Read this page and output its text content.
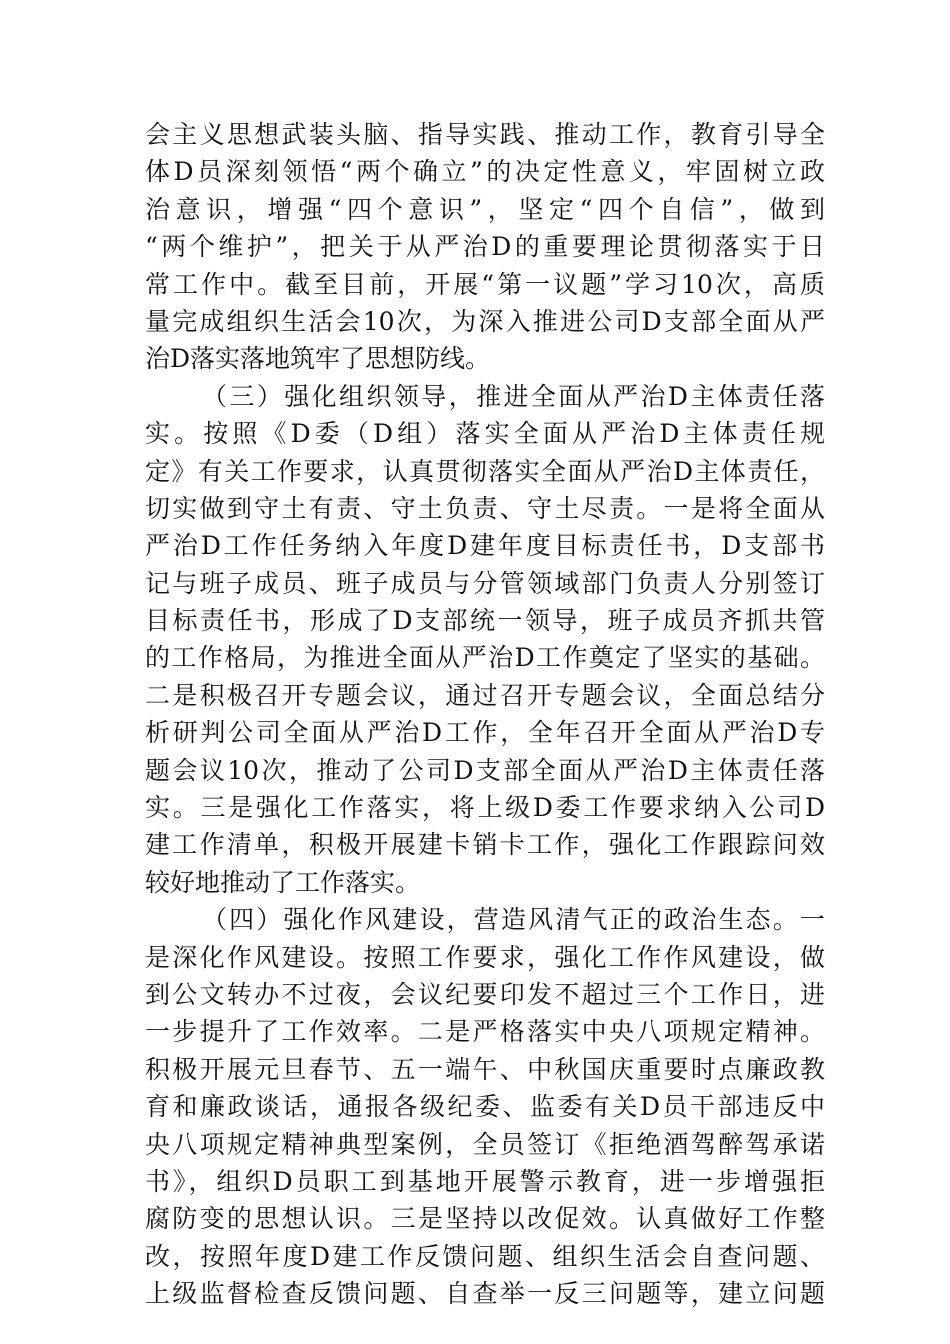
会主义思想武装头脑、指导实践、推动工作，教育引导全
体D员深刻领悟“两个确立”的决定性意义，牢固树立政
治意识，增强“四个意识”，坚定“四个自信”，做到
“两个维护”，把关于从严治D的重要理论贯彻落实于日
常工作中。截至目前，开展“第一议题”学习10次，高质
量完成组织生活会10次，为深入推进公司D支部全面从严
治D落实落地筑牢了思想防线。
（三）强化组织领导，推进全面从严治D主体责任落
实。按照《D委（D组）落实全面从严治D主体责任规
定》有关工作要求，认真贯彻落实全面从严治D主体责任，
切实做到守土有责、守土负责、守土尽责。一是将全面从
严治D工作任务纳入年度D建年度目标责任书，D支部书
记与班子成员、班子成员与分管领域部门负责人分别签订
目标责任书，形成了D支部统一领导，班子成员齐抓共管
的工作格局，为推进全面从严治D工作奠定了坚实的基础。
二是积极召开专题会议，通过召开专题会议，全面总结分
析研判公司全面从严治D工作，全年召开全面从严治D专
题会议10次，推动了公司D支部全面从严治D主体责任落
实。三是强化工作落实，将上级D委工作要求纳入公司D
建工作清单，积极开展建卡销卡工作，强化工作跟踪问效
较好地推动了工作落实。
（四）强化作风建设，营造风清气正的政治生态。一
是深化作风建设。按照工作要求，强化工作作风建设，做
到公文转办不过夜，会议纪要印发不超过三个工作日，进
一步提升了工作效率。二是严格落实中央八项规定精神。
积极开展元旦春节、五一端午、中秋国庆重要时点廉政教
育和廉政谈话，通报各级纪委、监委有关D员干部违反中
央八项规定精神典型案例，全员签订《拒绝酒驾醉驾承诺
书》，组织D员职工到基地开展警示教育，进一步增强拒
腐防变的思想认识。三是坚持以改促效。认真做好工作整
改，按照年度D建工作反馈问题、组织生活会自查问题、
上级监督检查反馈问题、自查举一反三问题等，建立问题
